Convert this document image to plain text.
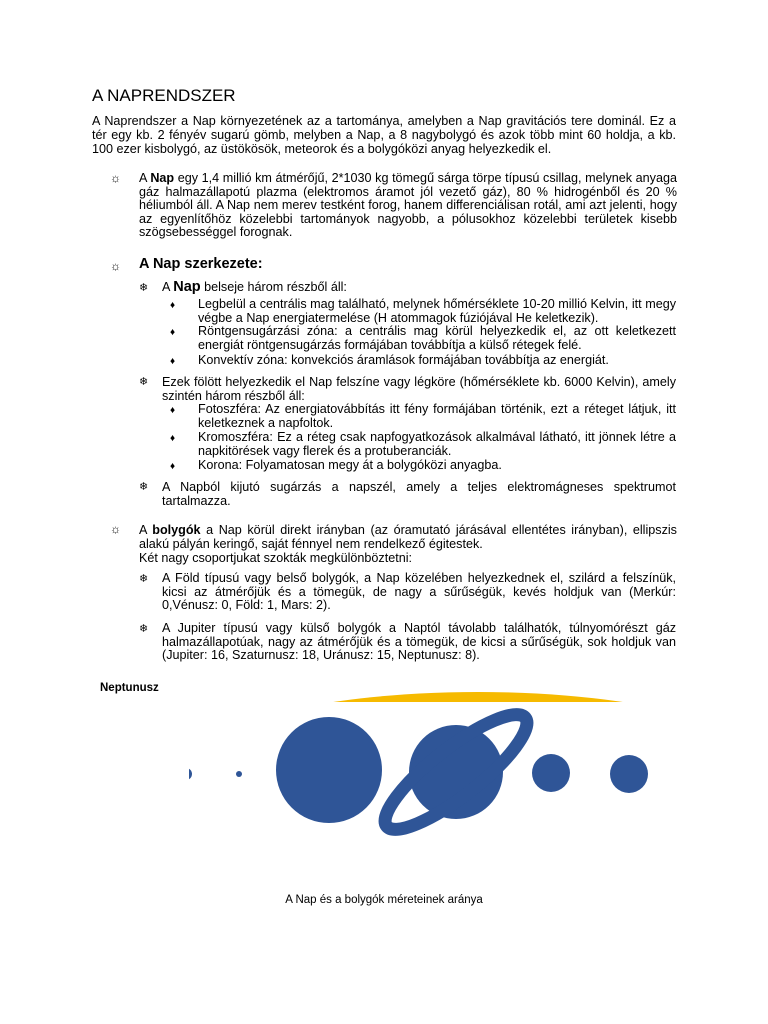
A NAPRENDSZER
A Naprendszer a Nap környezetének az a tartománya, amelyben a Nap gravitációs tere dominál. Ez a tér egy kb. 2 fényév sugarú gömb, melyben a Nap, a 8 nagybolygó és azok több mint 60 holdja, a kb. 100 ezer kisbolygó, az üstökösök, meteorok és a bolygóközi anyag helyezkedik el.
☼ A Nap egy 1,4 millió km átmérőjű, 2*1030 kg tömegű sárga törpe típusú csillag, melynek anyaga gáz halmazállapotú plazma (elektromos áramot jól vezető gáz), 80 % hidrogénből és 20 % héliumból áll. A Nap nem merev testként forog, hanem differenciálisan rotál, ami azt jelenti, hogy az egyenlítőhöz közelebbi tartományok nagyobb, a pólusokhoz közelebbi területek kisebb szögsebességgel forognak.
☼ A Nap szerkezete:
❄ A Nap belseje három részből áll:
♦ Legbelül a centrális mag található, melynek hőmérséklete 10-20 millió Kelvin, itt megy végbe a Nap energiatermelése (H atommagok fúziójával He keletkezik).
♦ Röntgensugárzási zóna: a centrális mag körül helyezkedik el, az ott keletkezett energiát röntgensugárzás formájában továbbítja a külső rétegek felé.
♦ Konvektív zóna: konvekciós áramlások formájában továbbítja az energiát.
❄ Ezek fölött helyezkedik el Nap felszíne vagy légköre (hőmérséklete kb. 6000 Kelvin), amely szintén három részből áll:
♦ Fotoszféra: Az energiatovábbítás itt fény formájában történik, ezt a réteget látjuk, itt keletkeznek a napfoltok.
♦ Kromoszféra: Ez a réteg csak napfogyatkozások alkalmával látható, itt jönnek létre a napkitörések vagy flerek és a protuberanciák.
♦ Korona: Folyamatosan megy át a bolygóközi anyagba.
❄ A Napból kijutó sugárzás a napszél, amely a teljes elektromágneses spektrumot tartalmazza.
☼ A bolygók a Nap körül direkt irányban (az óramutató járásával ellentétes irányban), ellipszis alakú pályán keringő, saját fénnyel nem rendelkező égitestek.
Két nagy csoportjukat szokták megkülönböztetni:
❄ A Föld típusú vagy belső bolygók, a Nap közelében helyezkednek el, szilárd a felszínük, kicsi az átmérőjük és a tömegük, de nagy a sűrűségük, kevés holdjuk van (Merkúr: 0,Vénusz: 0, Föld: 1, Mars: 2).
❄ A Jupiter típusú vagy külső bolygók a Naptól távolabb találhatók, túlnyomórészt gáz halmazállapotúak, nagy az átmérőjük és a tömegük, de kicsi a sűrűségük, sok holdjuk van (Jupiter: 16, Szaturnusz: 18, Uránusz: 15, Neptunusz: 8).
Neptunusz
A Nap és a bolygók méreteinek aránya
